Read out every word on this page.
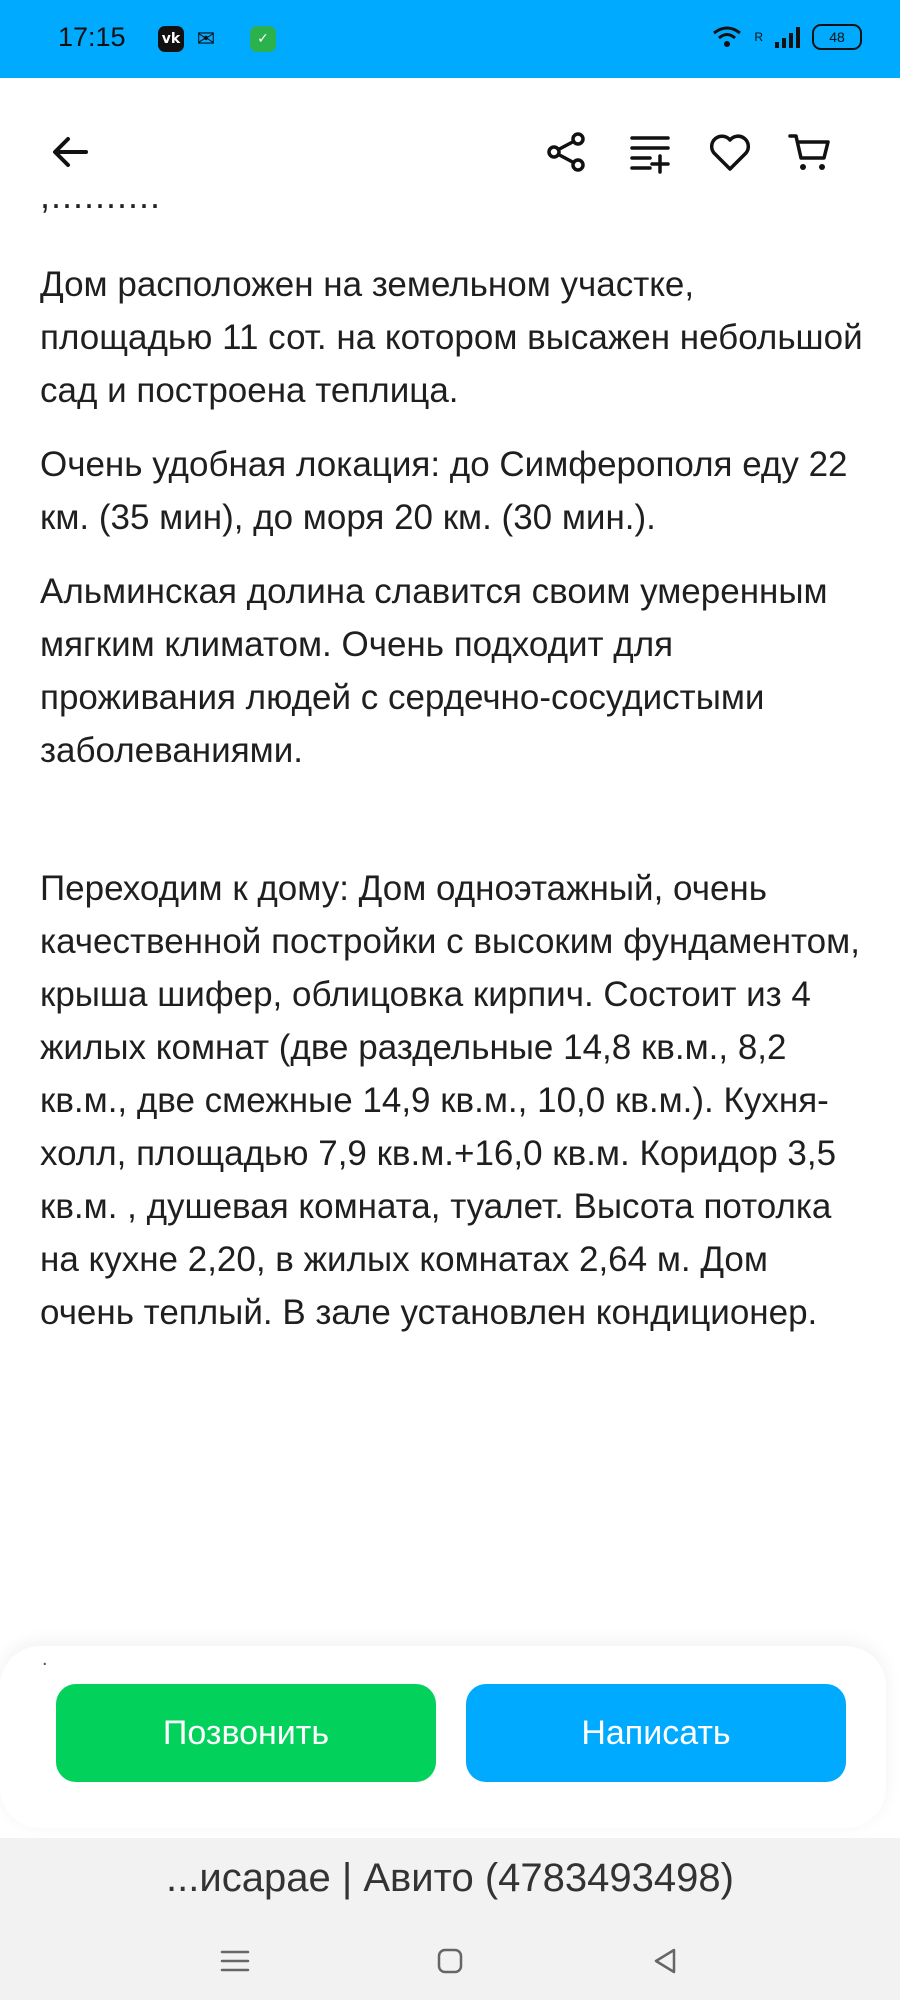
17:15	vk ✉	✓	R	48
,..........

Дом расположен на земельном участке, площадью 11 сот. на котором высажен небольшой сад и построена теплица.

Очень удобная локация: до Симферополя еду 22 км. (35 мин), до моря 20 км. (30 мин.).

Альминская долина славится своим умеренным мягким климатом. Очень подходит для проживания людей с сердечно-сосудистыми заболеваниями.

Переходим к дому: Дом одноэтажный, очень качественной постройки с высоким фундаментом, крыша шифер, облицовка кирпич. Состоит из 4 жилых комнат (две раздельные 14,8 кв.м., 8,2 кв.м., две смежные 14,9 кв.м., 10,0 кв.м.). Кухня-холл, площадью 7,9 кв.м.+16,0 кв.м. Коридор 3,5 кв.м. , душевая комната, туалет. Высота потолка на кухне 2,20, в жилых комнатах 2,64 м. Дом очень теплый. В зале установлен кондиционер.

Позвонить	Написать
.
...исарае | Авито (4783493498)
